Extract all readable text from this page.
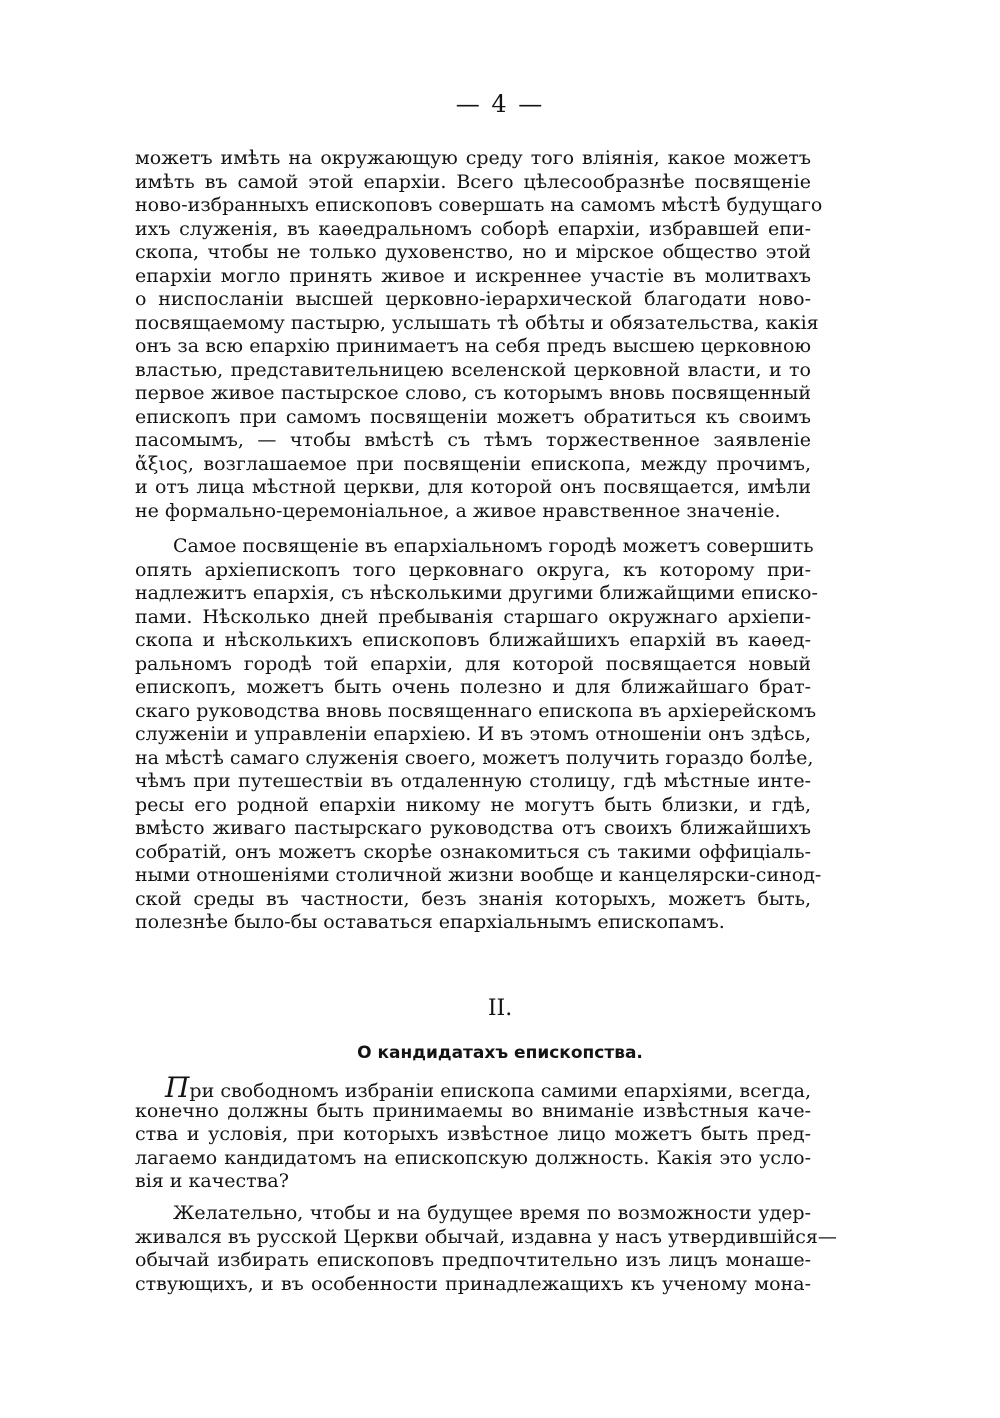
— 4 —
можетъ имѣть на окружающую среду того вліянія, какое можетъ
имѣть въ самой этой епархіи. Всего цѣлесообразнѣе посвященіе
ново-избранныхъ епископовъ совершать на самомъ мѣстѣ будущаго
ихъ служенія, въ каѳедральномъ соборѣ епархіи, избравшей епи-
скопа, чтобы не только духовенство, но и мірское общество этой
епархіи могло принять живое и искреннее участіе въ молитвахъ
о ниспосланіи высшей церковно-іерархической благодати ново-
посвящаемому пастырю, услышать тѣ обѣты и обязательства, какія
онъ за всю епархію принимаетъ на себя предъ высшею церковною
властью, представительницею вселенской церковной власти, и то
первое живое пастырское слово, съ которымъ вновь посвященный
епископъ при самомъ посвященіи можетъ обратиться къ своимъ
пасомымъ, — чтобы вмѣстѣ съ тѣмъ торжественное заявленіе
ἄξιος, возглашаемое при посвященіи епископа, между прочимъ,
и отъ лица мѣстной церкви, для которой онъ посвящается, имѣли
не формально-церемоніальное, а живое нравственное значеніе.
Самое посвященіе въ епархіальномъ городѣ можетъ совершить
опять архіепископъ того церковнаго округа, къ которому при-
надлежитъ епархія, съ нѣсколькими другими ближайщими еписко-
пами. Нѣсколько дней пребыванія старшаго окружнаго архіепи-
скопа и нѣсколькихъ епископовъ ближайшихъ епархій въ каѳед-
ральномъ городѣ той епархіи, для которой посвящается новый
епископъ, можетъ быть очень полезно и для ближайшаго брат-
скаго руководства вновь посвященнаго епископа въ архіерейскомъ
служеніи и управленіи епархіею. И въ этомъ отношеніи онъ здѣсь,
на мѣстѣ самаго служенія своего, можетъ получить гораздо болѣе,
чѣмъ при путешествіи въ отдаленную столицу, гдѣ мѣстные инте-
ресы его родной епархіи никому не могутъ быть близки, и гдѣ,
вмѣсто живаго пастырскаго руководства отъ своихъ ближайшихъ
собратій, онъ можетъ скорѣе ознакомиться съ такими оффиціаль-
ными отношеніями столичной жизни вообще и канцелярски-синод-
ской среды въ частности, безъ знанія которыхъ, можетъ быть,
полезнѣе было-бы оставаться епархіальнымъ епископамъ.
II.
О кандидатахъ епископства.
При свободномъ избраніи епископа самими епархіями, всегда,
конечно должны быть принимаемы во вниманіе извѣстныя каче-
ства и условія, при которыхъ извѣстное лицо можетъ быть пред-
лагаемо кандидатомъ на епископскую должность. Какія это усло-
вія и качества?
Желательно, чтобы и на будущее время по возможности удер-
живался въ русской Церкви обычай, издавна у насъ утвердившійся—
обычай избирать епископовъ предпочтительно изъ лицъ монаше-
ствующихъ, и въ особенности принадлежащихъ къ ученому мона-
